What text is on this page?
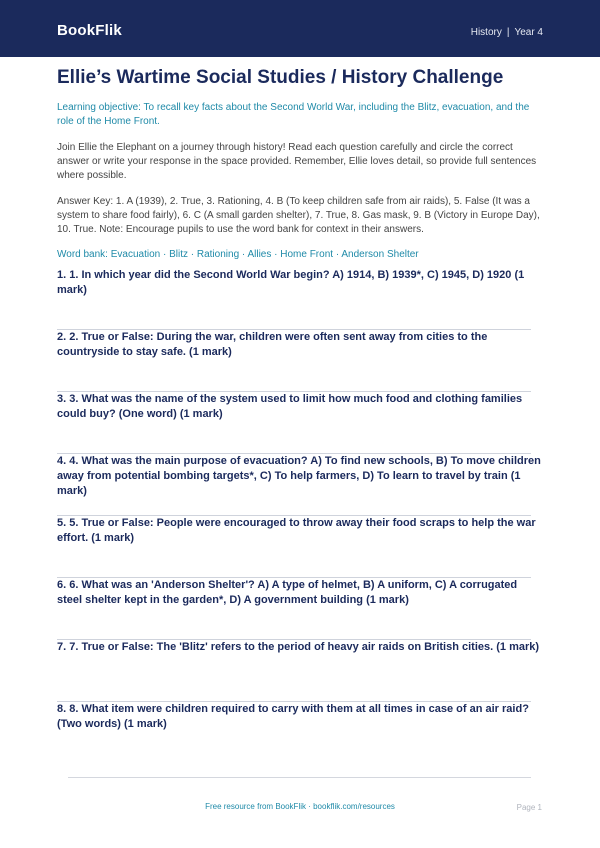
BookFlik	History | Year 4
Ellie’s Wartime Social Studies / History Challenge

Learning objective: To recall key facts about the Second World War, including the Blitz, evacuation, and the role of the Home Front.

Join Ellie the Elephant on a journey through history! Read each question carefully and circle the correct answer or write your response in the space provided. Remember, Ellie loves detail, so provide full sentences where possible.

Answer Key: 1. A (1939), 2. True, 3. Rationing, 4. B (To keep children safe from air raids), 5. False (It was a system to share food fairly), 6. C (A small garden shelter), 7. True, 8. Gas mask, 9. B (Victory in Europe Day), 10. True. Note: Encourage pupils to use the word bank for context in their answers.

Word bank: Evacuation · Blitz · Rationing · Allies · Home Front · Anderson Shelter

1. 1. In which year did the Second World War begin? A) 1914, B) 1939*, C) 1945, D) 1920 (1 mark)
2. 2. True or False: During the war, children were often sent away from cities to the countryside to stay safe. (1 mark)
3. 3. What was the name of the system used to limit how much food and clothing families could buy? (One word) (1 mark)
4. 4. What was the main purpose of evacuation? A) To find new schools, B) To move children away from potential bombing targets*, C) To help farmers, D) To learn to travel by train (1 mark)
5. 5. True or False: People were encouraged to throw away their food scraps to help the war effort. (1 mark)
6. 6. What was an 'Anderson Shelter'? A) A type of helmet, B) A uniform, C) A corrugated steel shelter kept in the garden*, D) A government building (1 mark)
7. 7. True or False: The 'Blitz' refers to the period of heavy air raids on British cities. (1 mark)
8. 8. What item were children required to carry with them at all times in case of an air raid? (Two words) (1 mark)
Free resource from BookFlik · bookflik.com/resources	Page 1
